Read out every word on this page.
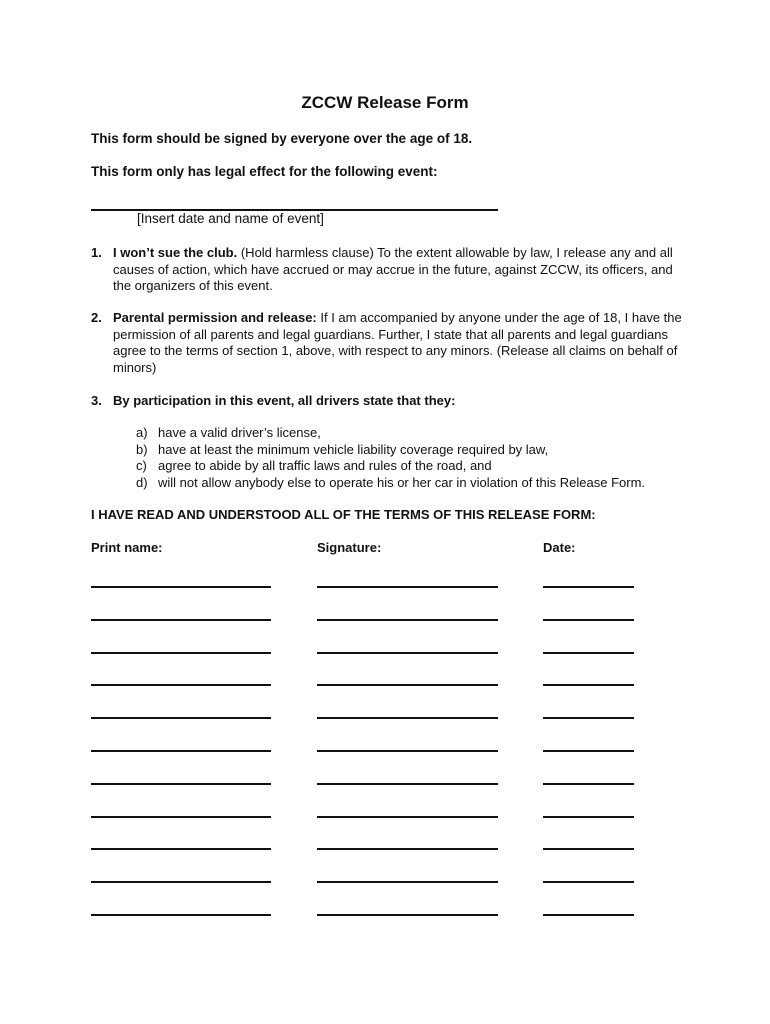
ZCCW Release Form
This form should be signed by everyone over the age of 18.
This form only has legal effect for the following event:
[Insert date and name of event]
1. I won’t sue the club. (Hold harmless clause) To the extent allowable by law, I release any and all causes of action, which have accrued or may accrue in the future, against ZCCW, its officers, and the organizers of this event.
2. Parental permission and release: If I am accompanied by anyone under the age of 18, I have the permission of all parents and legal guardians. Further, I state that all parents and legal guardians agree to the terms of section 1, above, with respect to any minors. (Release all claims on behalf of minors)
3. By participation in this event, all drivers state that they:
a) have a valid driver’s license,
b) have at least the minimum vehicle liability coverage required by law,
c) agree to abide by all traffic laws and rules of the road, and
d) will not allow anybody else to operate his or her car in violation of this Release Form.
I HAVE READ AND UNDERSTOOD ALL OF THE TERMS OF THIS RELEASE FORM:
Print name:	Signature:	Date:
